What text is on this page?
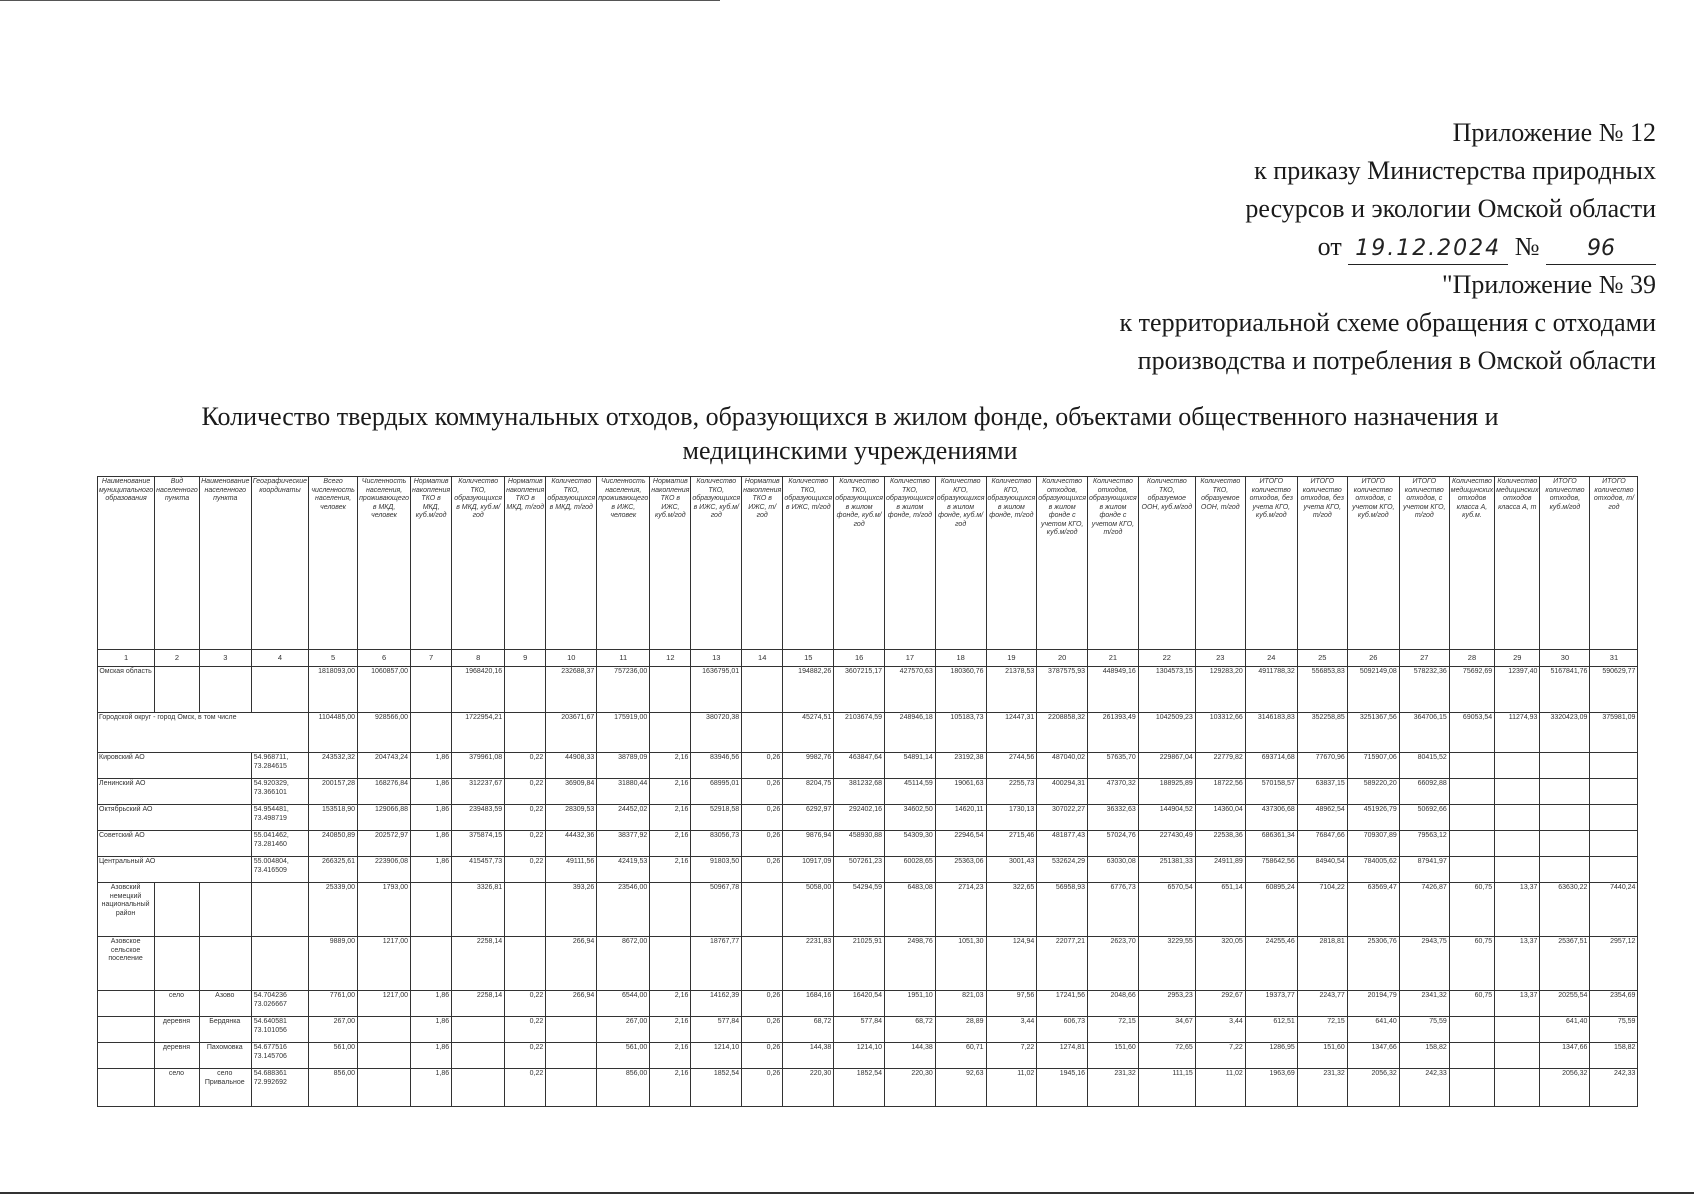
Приложение № 12
к приказу Министерства природных
ресурсов и экологии Омской области
от 19.12.2024 № 96
"Приложение № 39
к территориальной схеме обращения с отходами
производства и потребления в Омской области
Количество твердых коммунальных отходов, образующихся в жилом фонде, объектами общественного назначения и
медицинскими учреждениями
Наименование муниципального образования	Вид населенного пункта	Наименование населенного пункта	Географические координаты	Всего численность населения, человек	Численность населения, проживающего в МКД, человек	Норматив накопления ТКО в МКД, куб.м/год	Количество ТКО, образующихся в МКД, куб.м/год	Норматив накопления ТКО в МКД, т/год	Количество ТКО, образующихся в МКД, т/год	Численность населения, проживающего в ИЖС, человек	Норматив накопления ТКО в ИЖС, куб.м/год	Количество ТКО, образующихся в ИЖС, куб.м/год	Норматив накопления ТКО в ИЖС, т/год	Количество ТКО, образующихся в ИЖС, т/год	Количество ТКО, образующихся в жилом фонде, куб.м/год	Количество ТКО, образующихся в жилом фонде, т/год	Количество КГО, образующихся в жилом фонде, куб.м/год	Количество КГО, образующихся в жилом фонде, т/год	Количество отходов, образующихся в жилом фонде с учетом КГО, куб.м/год	Количество отходов, образующихся в жилом фонде с учетом КГО, т/год	Количество ТКО, образуемое ООН, куб.м/год	Количество ТКО, образуемое ООН, т/год	ИТОГО количество отходов, без учета КГО, куб.м/год	ИТОГО количество отходов, без учета КГО, т/год	ИТОГО количество отходов, с учетом КГО, куб.м/год	ИТОГО количество отходов, с учетом КГО, т/год	Количество медицинских отходов класса А, куб.м.	Количество медицинских отходов класса А, т	ИТОГО количество отходов, куб.м/год	ИТОГО количество отходов, т/год
1	2	3	4	5	6	7	8	9	10	11	12	13	14	15	16	17	18	19	20	21	22	23	24	25	26	27	28	29	30	31
Омская область				1818093,00	1060857,00		1968420,16		232688,37	757236,00		1636795,01		194882,26	3607215,17	427570,63	180360,76	21378,53	3787575,93	448949,16	1304573,15	129283,20	4911788,32	556853,83	5092149,08	578232,36	75692,69	12397,40	5167841,76	590629,77
Городской округ - город Омск, в том числе				1104485,00	928566,00		1722954,21		203671,67	175919,00		380720,38		45274,51	2103674,59	248946,18	105183,73	12447,31	2208858,32	261393,49	1042509,23	103312,66	3146183,83	352258,85	3251367,56	364706,15	69053,54	11274,93	3320423,09	375981,09
Кировский АО			54.968711, 73.284615	243532,32	204743,24	1,86	379961,08	0,22	44908,33	38789,09	2,16	83946,56	0,26	9982,76	463847,64	54891,14	23192,38	2744,56	487040,02	57635,70	229867,04	22779,82	693714,68	77670,96	715907,06	80415,52				
Ленинский АО			54.920329, 73.366101	200157,28	168276,84	1,86	312237,67	0,22	36909,84	31880,44	2,16	68995,01	0,26	8204,75	381232,68	45114,59	19061,63	2255,73	400294,31	47370,32	188925,89	18722,56	570158,57	63837,15	589220,20	66092,88				
Октябрьский АО			54.954481, 73.498719	153518,90	129066,88	1,86	239483,59	0,22	28309,53	24452,02	2,16	52918,58	0,26	6292,97	292402,16	34602,50	14620,11	1730,13	307022,27	36332,63	144904,52	14360,04	437306,68	48962,54	451926,79	50692,66				
Советский АО			55.041462, 73.281460	240850,89	202572,97	1,86	375874,15	0,22	44432,36	38377,92	2,16	83056,73	0,26	9876,94	458930,88	54309,30	22946,54	2715,46	481877,43	57024,76	227430,49	22538,36	686361,34	76847,66	709307,89	79563,12				
Центральный АО			55.004804, 73.416509	266325,61	223906,08	1,86	415457,73	0,22	49111,56	42419,53	2,16	91803,50	0,26	10917,09	507261,23	60028,65	25363,06	3001,43	532624,29	63030,08	251381,33	24911,89	758642,56	84940,54	784005,62	87941,97				
Азовский немецкий национальный район				25339,00	1793,00		3326,81		393,26	23546,00		50967,78		5058,00	54294,59	6483,08	2714,23	322,65	56958,93	6776,73	6570,54	651,14	60895,24	7104,22	63569,47	7426,87	60,75	13,37	63630,22	7440,24
Азовское сельское поселение				9889,00	1217,00		2258,14		266,94	8672,00		18767,77		2231,83	21025,91	2498,76	1051,30	124,94	22077,21	2623,70	3229,55	320,05	24255,46	2818,81	25306,76	2943,75	60,75	13,37	25367,51	2957,12
	село	Азово	54.704236 73.026667	7761,00	1217,00	1,86	2258,14	0,22	266,94	6544,00	2,16	14162,39	0,26	1684,16	16420,54	1951,10	821,03	97,56	17241,56	2048,66	2953,23	292,67	19373,77	2243,77	20194,79	2341,32	60,75	13,37	20255,54	2354,69
	деревня	Бердянка	54.640581 73.101056	267,00		1,86		0,22		267,00	2,16	577,84	0,26	68,72	577,84	68,72	28,89	3,44	606,73	72,15	34,67	3,44	612,51	72,15	641,40	75,59			641,40	75,59
	деревня	Пахомовка	54.677516 73.145706	561,00		1,86		0,22		561,00	2,16	1214,10	0,26	144,38	1214,10	144,38	60,71	7,22	1274,81	151,60	72,65	7,22	1286,95	151,60	1347,66	158,82			1347,66	158,82
	село	село Привальное	54.688361 72.992692	856,00		1,86		0,22		856,00	2,16	1852,54	0,26	220,30	1852,54	220,30	92,63	11,02	1945,16	231,32	111,15	11,02	1963,69	231,32	2056,32	242,33			2056,32	242,33
